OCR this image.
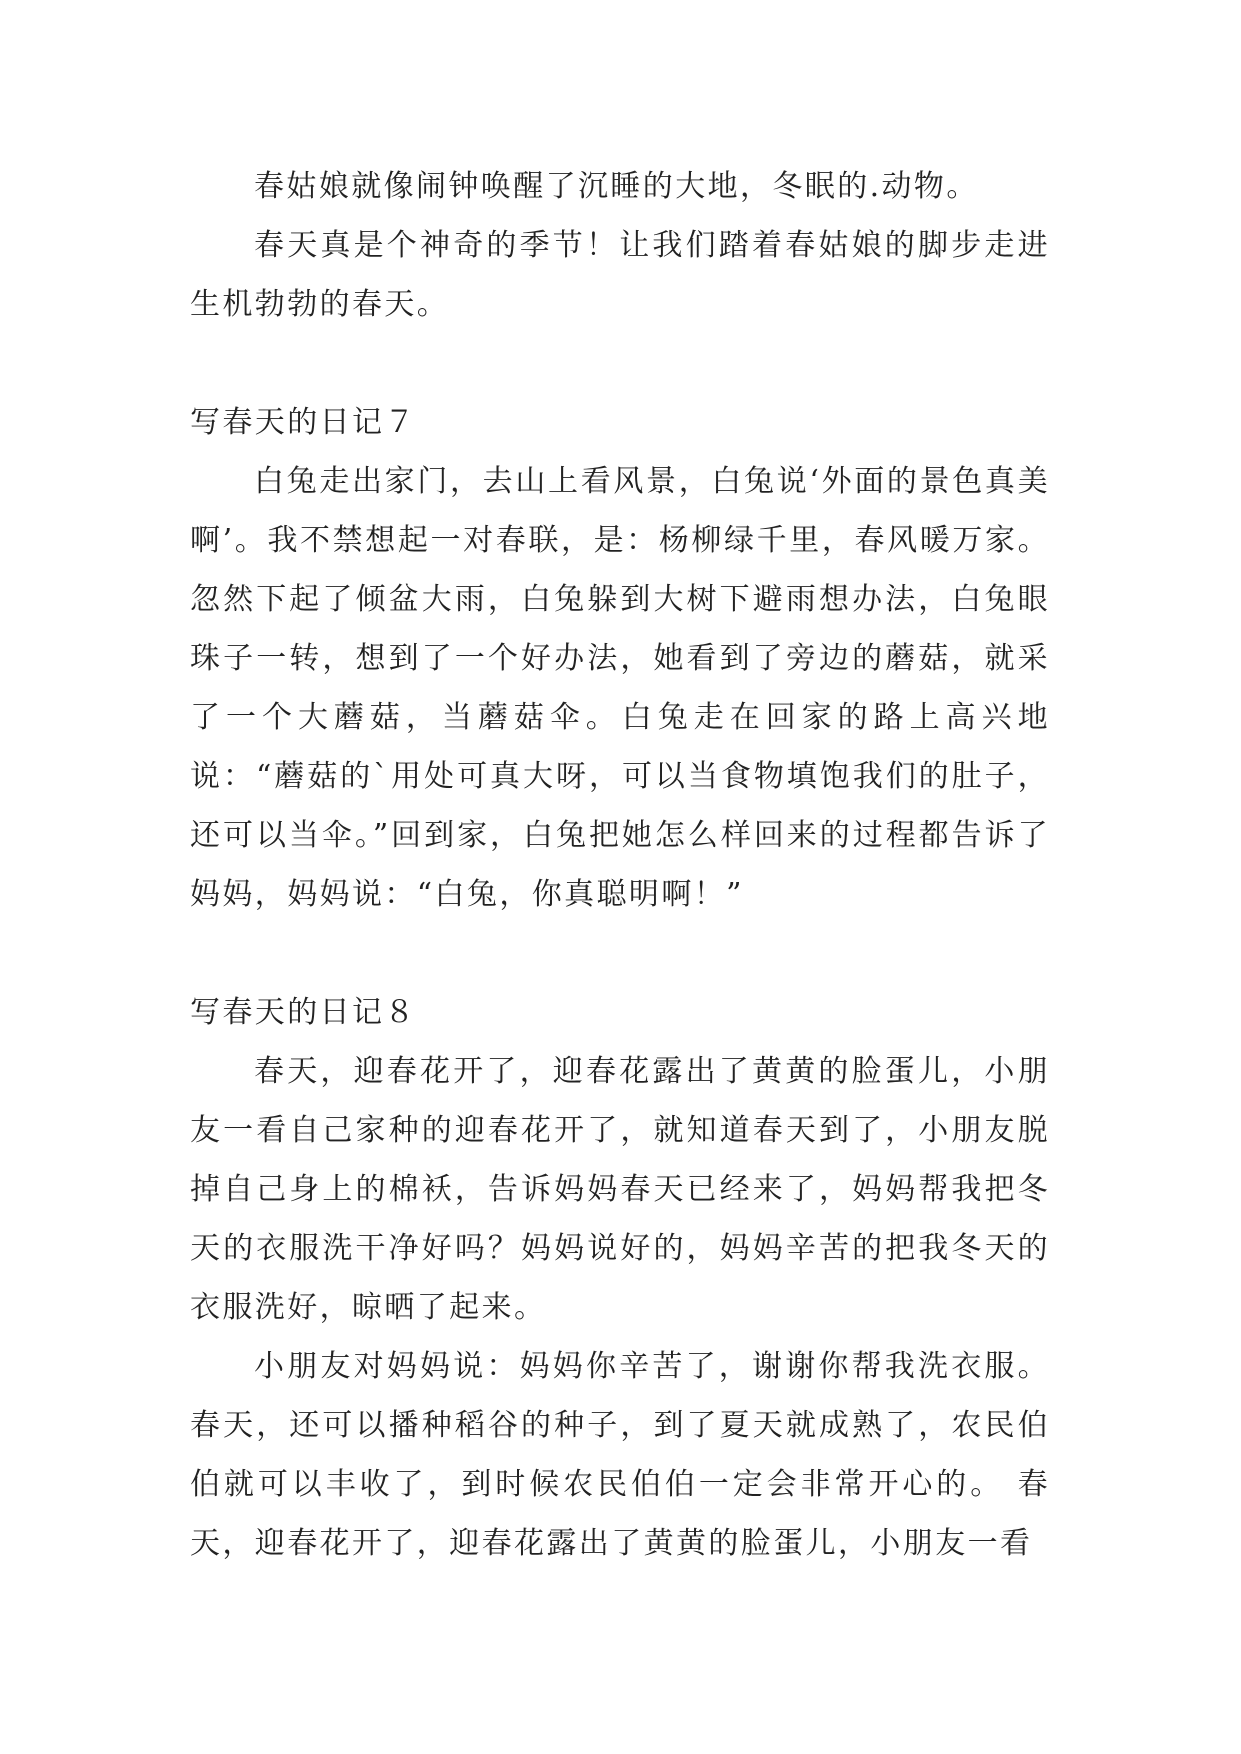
春姑娘就像闹钟唤醒了沉睡的大地，冬眠的.动物。

春天真是个神奇的季节！让我们踏着春姑娘的脚步走进生机勃勃的春天。

写春天的日记７

白兔走出家门，去山上看风景，白兔说‘外面的景色真美啊’。我不禁想起一对春联，是：杨柳绿千里，春风暖万家。忽然下起了倾盆大雨，白兔躲到大树下避雨想办法，白兔眼珠子一转，想到了一个好办法，她看到了旁边的蘑菇，就采了一个大蘑菇，当蘑菇伞。白兔走在回家的路上高兴地说：“蘑菇的`用处可真大呀，可以当食物填饱我们的肚子，还可以当伞。”回到家，白兔把她怎么样回来的过程都告诉了妈妈，妈妈说：“白兔，你真聪明啊！”

写春天的日记８

春天，迎春花开了，迎春花露出了黄黄的脸蛋儿，小朋友一看自己家种的迎春花开了，就知道春天到了，小朋友脱掉自己身上的棉袄，告诉妈妈春天已经来了，妈妈帮我把冬天的衣服洗干净好吗？妈妈说好的，妈妈辛苦的把我冬天的衣服洗好，晾晒了起来。

小朋友对妈妈说：妈妈你辛苦了，谢谢你帮我洗衣服。春天，还可以播种稻谷的种子，到了夏天就成熟了，农民伯伯就可以丰收了，到时候农民伯伯一定会非常开心的。 春天，迎春花开了，迎春花露出了黄黄的脸蛋儿，小朋友一看
